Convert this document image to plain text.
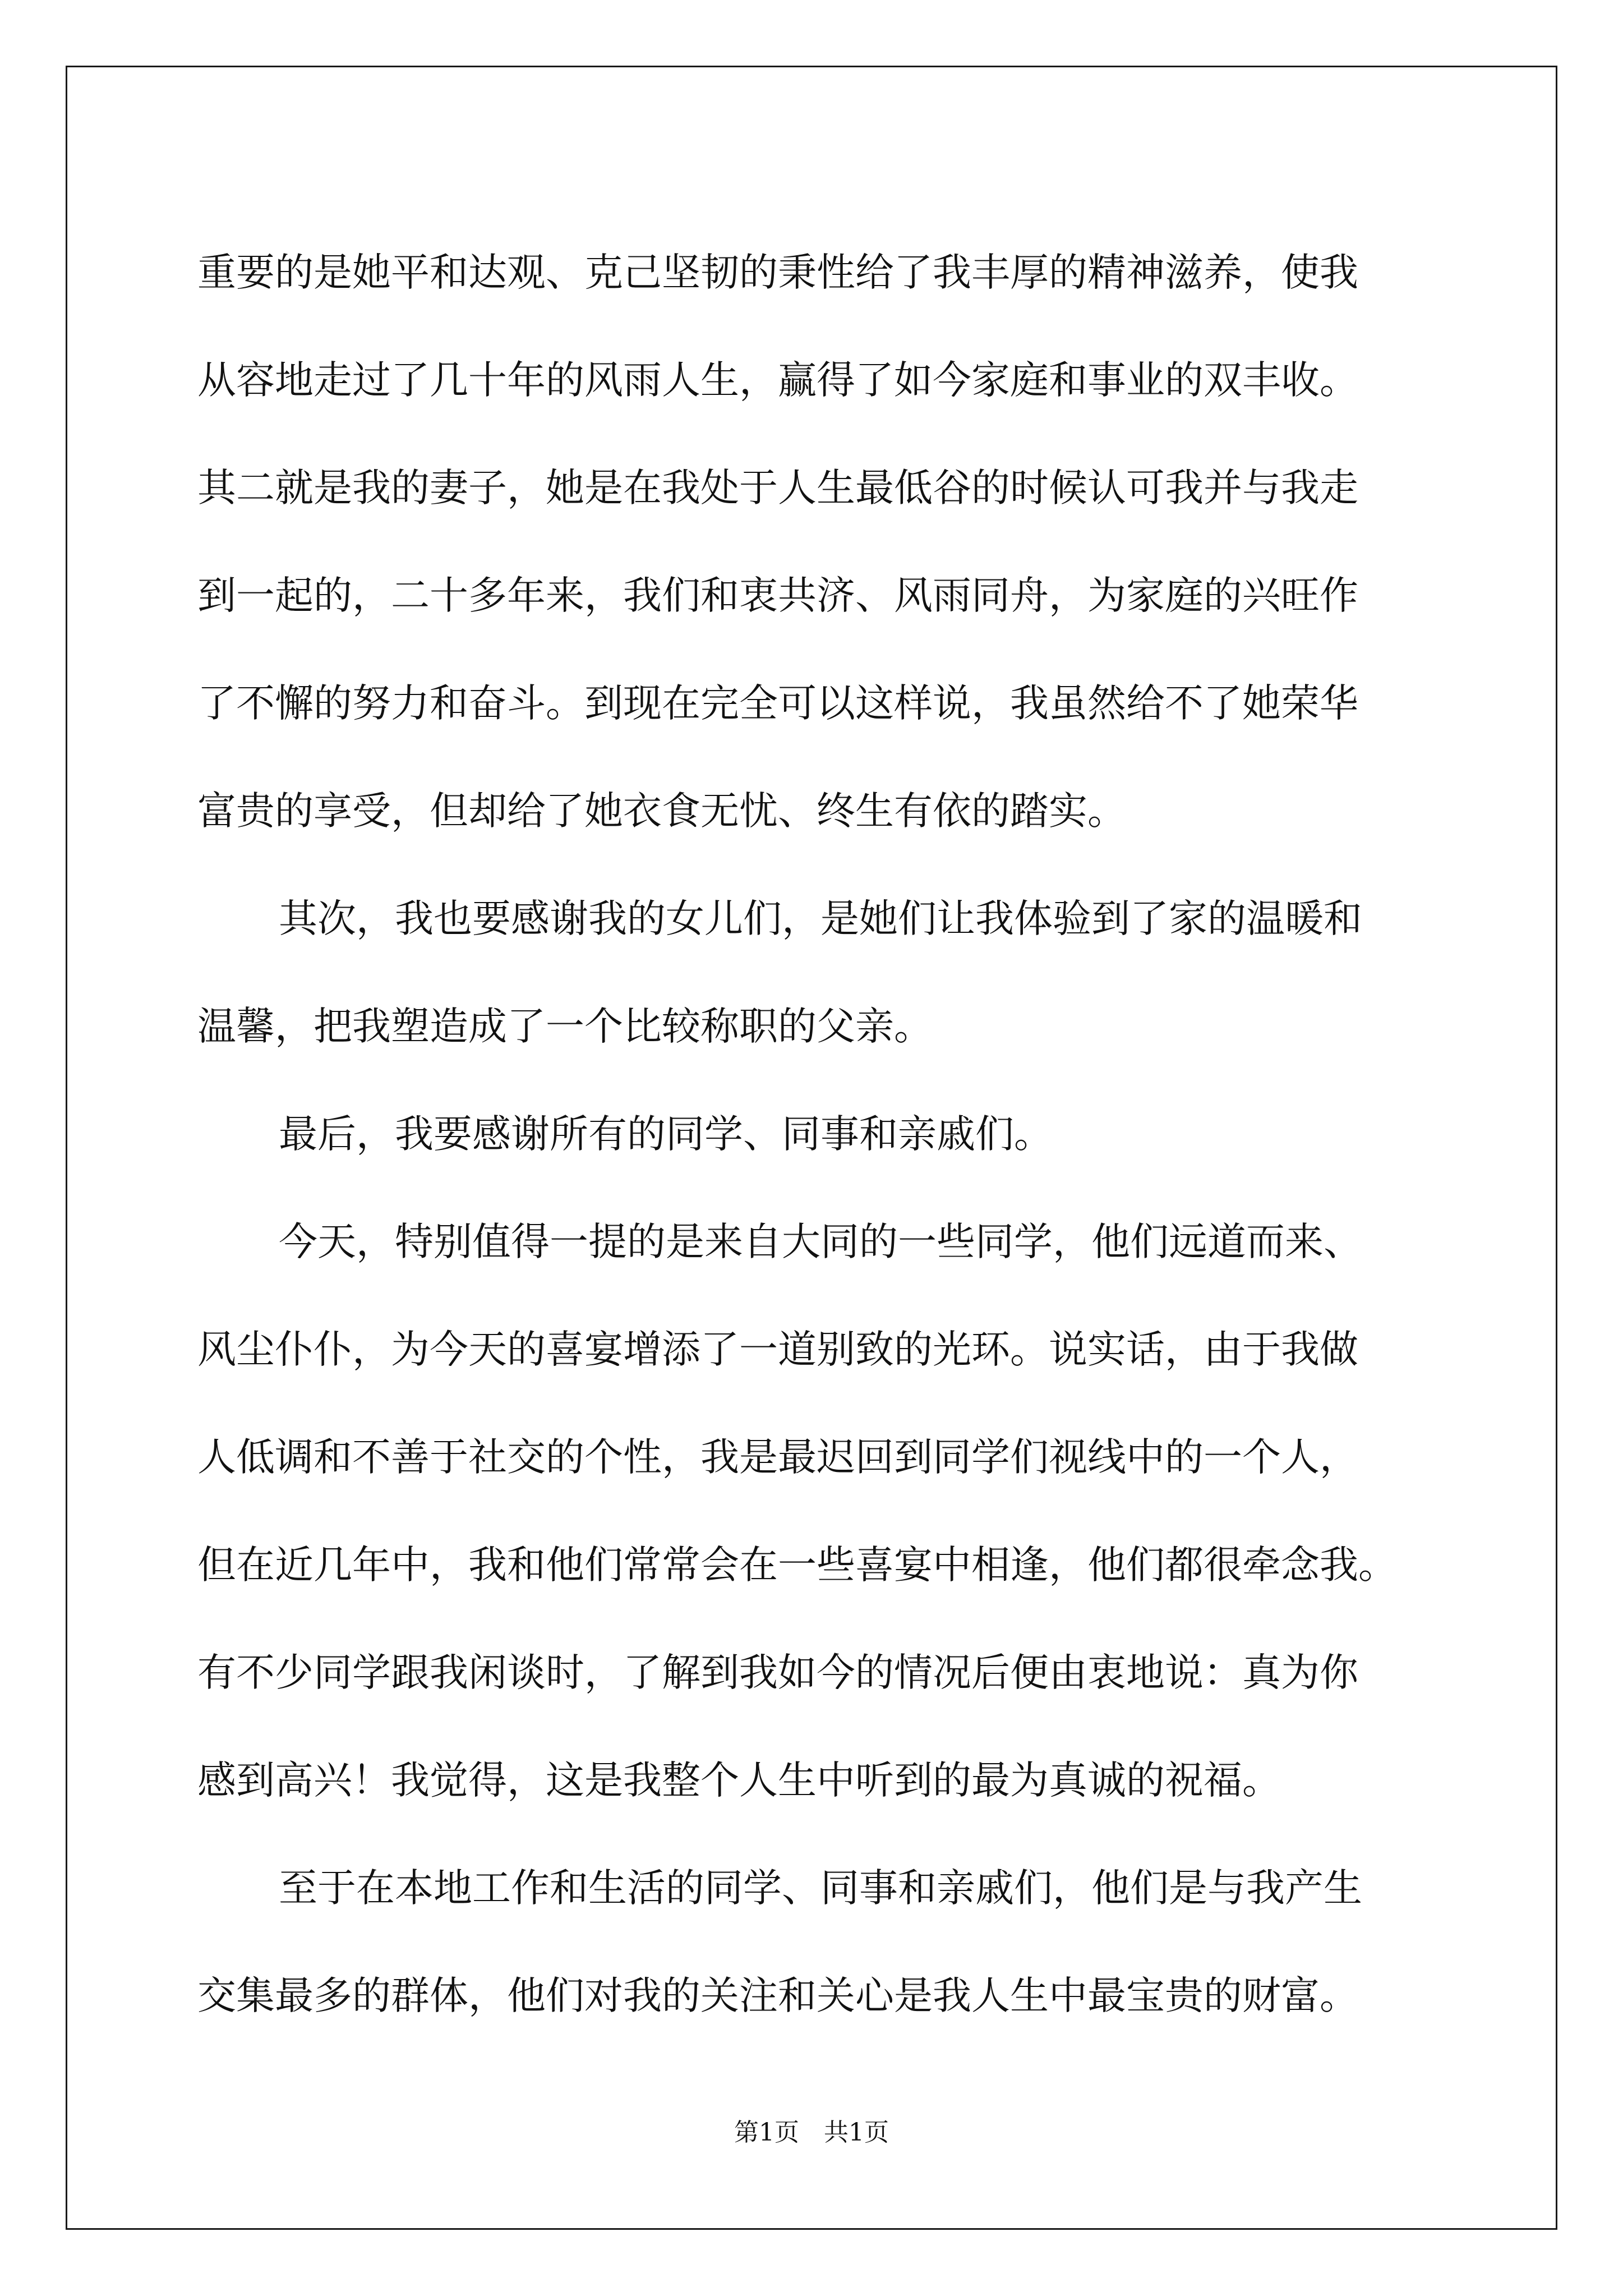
重要的是她平和达观、克己坚韧的秉性给了我丰厚的精神滋养，使我
从容地走过了几十年的风雨人生，赢得了如今家庭和事业的双丰收。
其二就是我的妻子，她是在我处于人生最低谷的时候认可我并与我走
到一起的，二十多年来，我们和衷共济、风雨同舟，为家庭的兴旺作
了不懈的努力和奋斗。到现在完全可以这样说，我虽然给不了她荣华
富贵的享受，但却给了她衣食无忧、终生有依的踏实。
其次，我也要感谢我的女儿们，是她们让我体验到了家的温暖和
温馨，把我塑造成了一个比较称职的父亲。
最后，我要感谢所有的同学、同事和亲戚们。
今天，特别值得一提的是来自大同的一些同学，他们远道而来、
风尘仆仆，为今天的喜宴增添了一道别致的光环。说实话，由于我做
人低调和不善于社交的个性，我是最迟回到同学们视线中的一个人，
但在近几年中，我和他们常常会在一些喜宴中相逢，他们都很牵念我。
有不少同学跟我闲谈时，了解到我如今的情况后便由衷地说：真为你
感到高兴！我觉得，这是我整个人生中听到的最为真诚的祝福。
至于在本地工作和生活的同学、同事和亲戚们，他们是与我产生
交集最多的群体，他们对我的关注和关心是我人生中最宝贵的财富。
第1页 共1页
